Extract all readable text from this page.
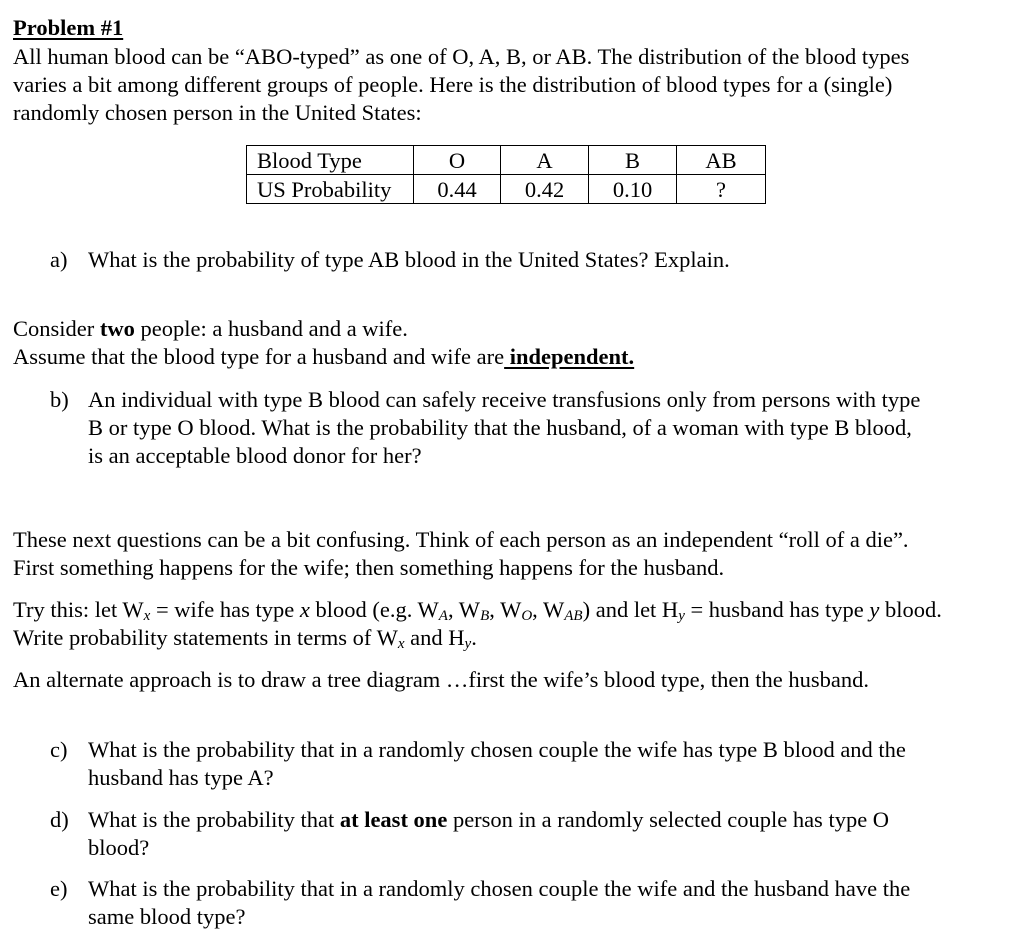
Problem #1
All human blood can be “ABO-typed” as one of O, A, B, or AB. The distribution of the blood types
varies a bit among different groups of people. Here is the distribution of blood types for a (single)
randomly chosen person in the United States:
Blood Type	O	A	B	AB
US Probability	0.44	0.42	0.10	?
a) What is the probability of type AB blood in the United States? Explain.
Consider two people: a husband and a wife.
Assume that the blood type for a husband and wife are independent.
b) An individual with type B blood can safely receive transfusions only from persons with type
B or type O blood. What is the probability that the husband, of a woman with type B blood,
is an acceptable blood donor for her?
These next questions can be a bit confusing. Think of each person as an independent “roll of a die”.
First something happens for the wife; then something happens for the husband.
Try this: let $W_x$ = wife has type x blood (e.g. $W_A$, $W_B$, $W_O$, $W_{AB}$) and let $H_y$ = husband has type y blood.
Write probability statements in terms of $W_x$ and $H_y$.
An alternate approach is to draw a tree diagram …first the wife’s blood type, then the husband.
c) What is the probability that in a randomly chosen couple the wife has type B blood and the
husband has type A?
d) What is the probability that at least one person in a randomly selected couple has type O
blood?
e) What is the probability that in a randomly chosen couple the wife and the husband have the
same blood type?
